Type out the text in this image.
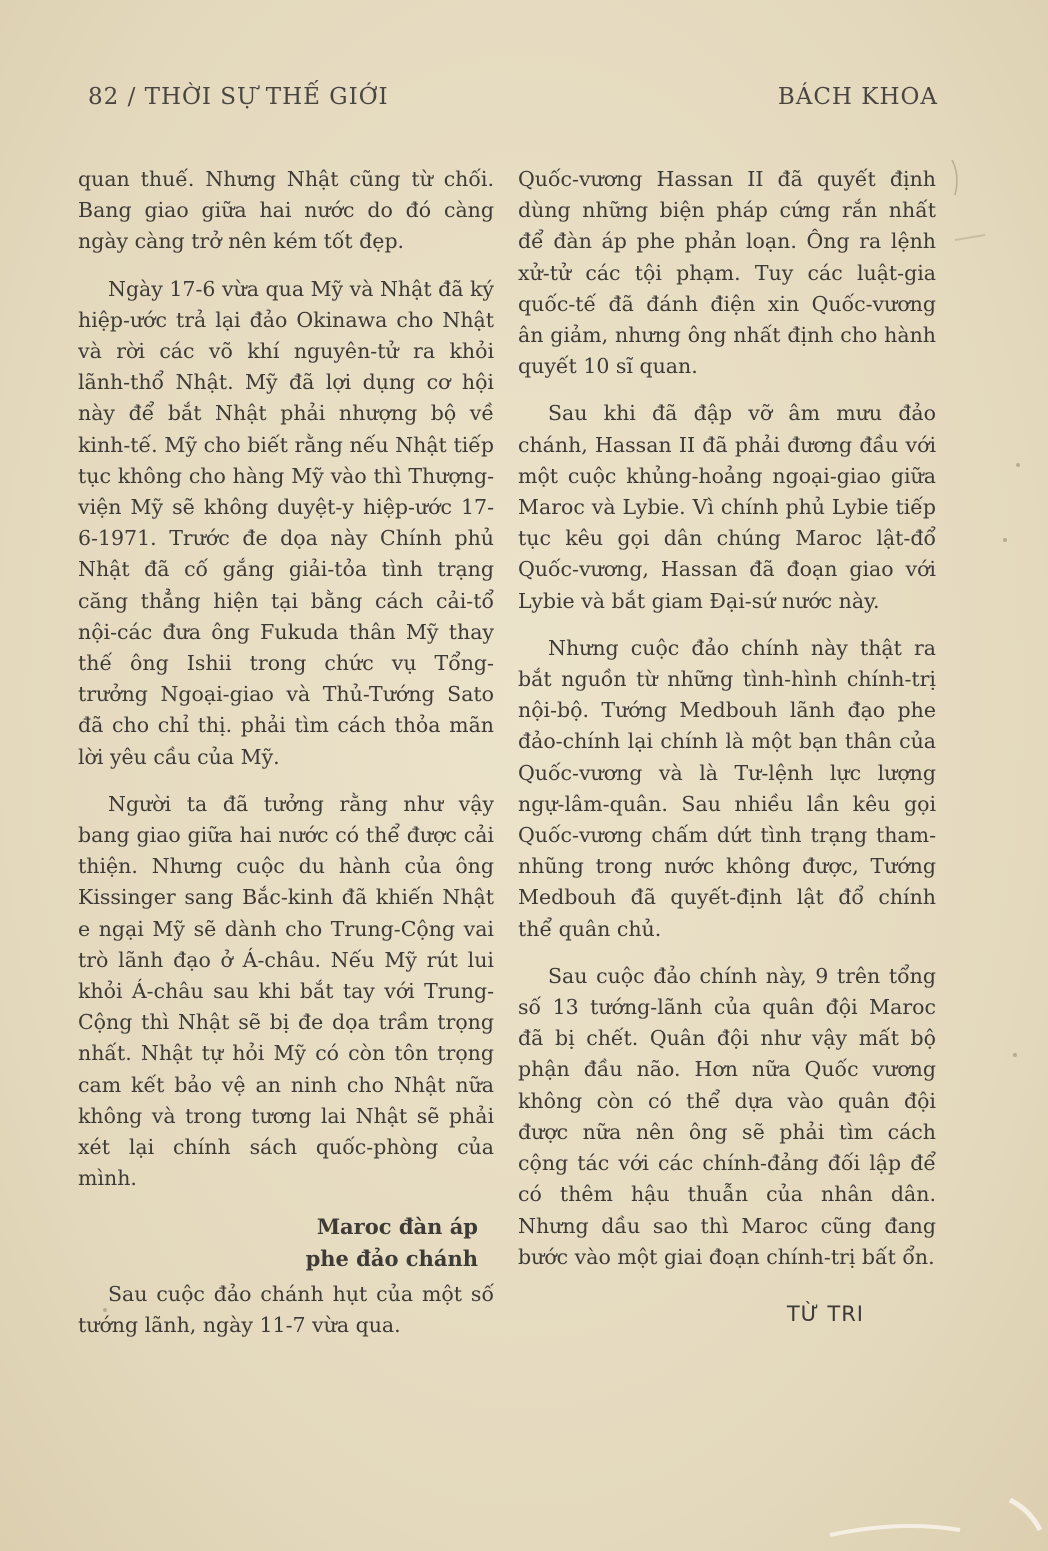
82 / THỜI SỰ THẾ GIỚI	BÁCH KHOA

quan thuế. Nhưng Nhật cũng từ chối. Bang giao giữa hai nước do đó càng ngày càng trở nên kém tốt đẹp.

Ngày 17-6 vừa qua Mỹ và Nhật đã ký hiệp-ước trả lại đảo Okinawa cho Nhật và rời các võ khí nguyên-tử ra khỏi lãnh-thổ Nhật. Mỹ đã lợi dụng cơ hội này để bắt Nhật phải nhượng bộ về kinh-tế. Mỹ cho biết rằng nếu Nhật tiếp tục không cho hàng Mỹ vào thì Thượng-viện Mỹ sẽ không duyệt-y hiệp-ước 17-6-1971. Trước đe dọa này Chính phủ Nhật đã cố gắng giải-tỏa tình trạng căng thẳng hiện tại bằng cách cải-tổ nội-các đưa ông Fukuda thân Mỹ thay thế ông Ishii trong chức vụ Tổng-trưởng Ngoại-giao và Thủ-Tướng Sato đã cho chỉ thị. phải tìm cách thỏa mãn lời yêu cầu của Mỹ.

Người ta đã tưởng rằng như vậy bang giao giữa hai nước có thể được cải thiện. Nhưng cuộc du hành của ông Kissinger sang Bắc-kinh đã khiến Nhật e ngại Mỹ sẽ dành cho Trung-Cộng vai trò lãnh đạo ở Á-châu. Nếu Mỹ rút lui khỏi Á-châu sau khi bắt tay với Trung-Cộng thì Nhật sẽ bị đe dọa trầm trọng nhất. Nhật tự hỏi Mỹ có còn tôn trọng cam kết bảo vệ an ninh cho Nhật nữa không và trong tương lai Nhật sẽ phải xét lại chính sách quốc-phòng của mình.

Maroc đàn áp
phe đảo chánh

Sau cuộc đảo chánh hụt của một số tướng lãnh, ngày 11-7 vừa qua.

Quốc-vương Hassan II đã quyết định dùng những biện pháp cứng rắn nhất để đàn áp phe phản loạn. Ông ra lệnh xử-tử các tội phạm. Tuy các luật-gia quốc-tế đã đánh điện xin Quốc-vương ân giảm, nhưng ông nhất định cho hành quyết 10 sĩ quan.

Sau khi đã đập vỡ âm mưu đảo chánh, Hassan II đã phải đương đầu với một cuộc khủng-hoảng ngoại-giao giữa Maroc và Lybie. Vì chính phủ Lybie tiếp tục kêu gọi dân chúng Maroc lật-đổ Quốc-vương, Hassan đã đoạn giao với Lybie và bắt giam Đại-sứ nước này.

Nhưng cuộc đảo chính này thật ra bắt nguồn từ những tình-hình chính-trị nội-bộ. Tướng Medbouh lãnh đạo phe đảo-chính lại chính là một bạn thân của Quốc-vương và là Tư-lệnh lực lượng ngự-lâm-quân. Sau nhiều lần kêu gọi Quốc-vương chấm dứt tình trạng tham-nhũng trong nước không được, Tướng Medbouh đã quyết-định lật đổ chính thể quân chủ.

Sau cuộc đảo chính này, 9 trên tổng số 13 tướng-lãnh của quân đội Maroc đã bị chết. Quân đội như vậy mất bộ phận đầu não. Hơn nữa Quốc vương không còn có thể dựa vào quân đội được nữa nên ông sẽ phải tìm cách cộng tác với các chính-đảng đối lập để có thêm hậu thuẫn của nhân dân. Nhưng dầu sao thì Maroc cũng đang bước vào một giai đoạn chính-trị bất ổn.

TỪ TRI
